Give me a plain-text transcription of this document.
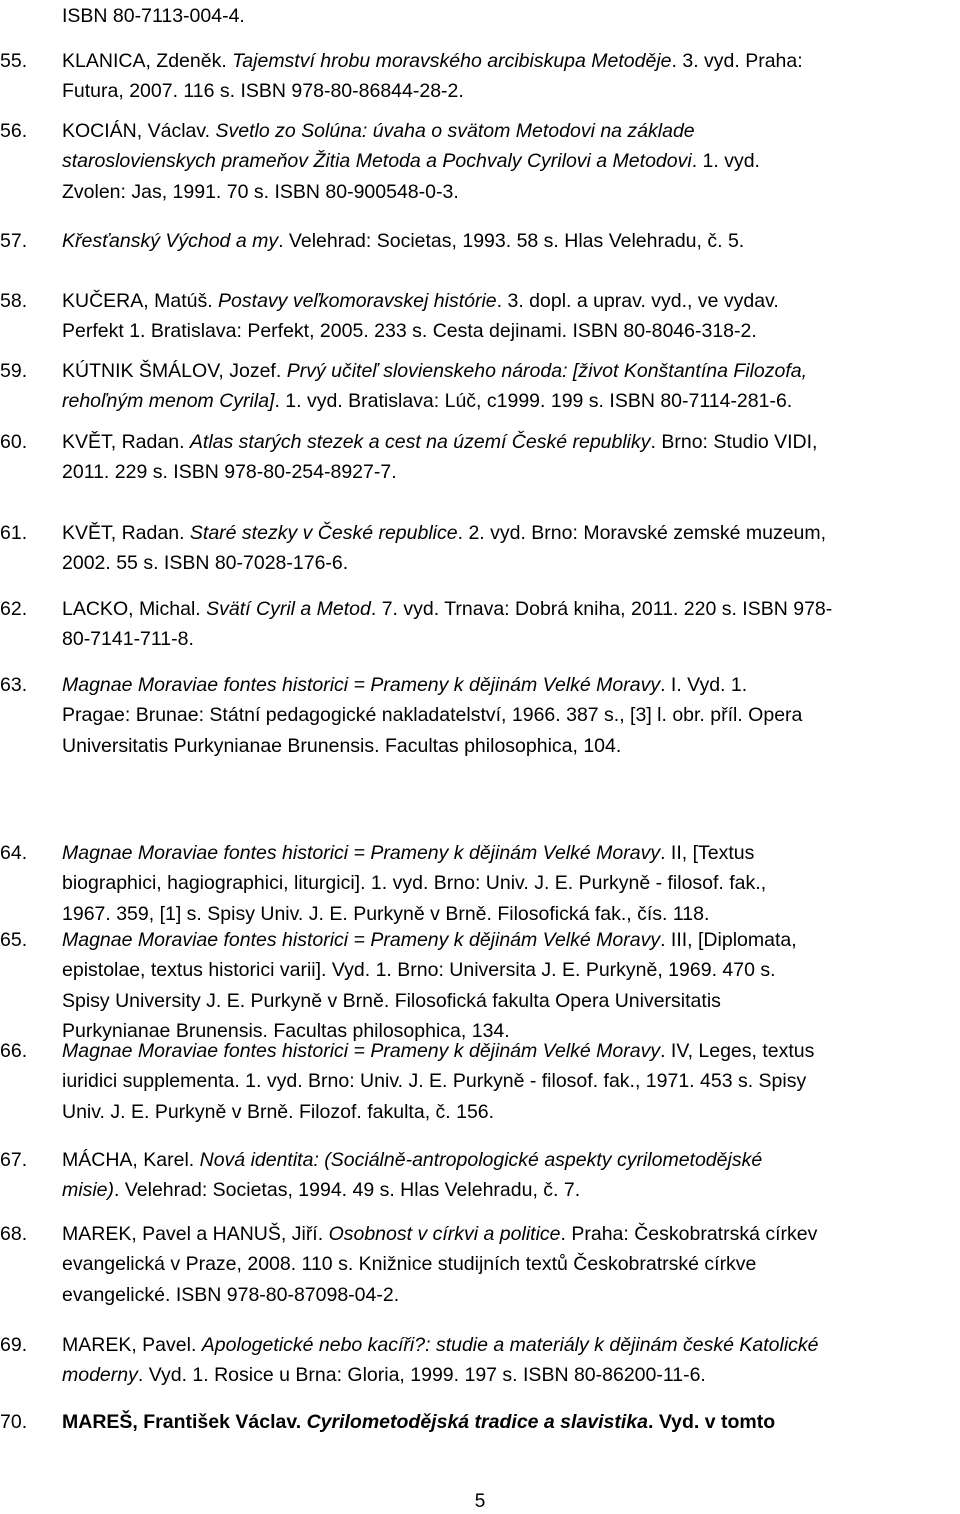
ISBN 80-7113-004-4.
55. KLANICA, Zdeněk. Tajemství hrobu moravského arcibiskupa Metoděje. 3. vyd. Praha:
Futura, 2007. 116 s. ISBN 978-80-86844-28-2.
56. KOCIÁN, Václav. Svetlo zo Solúna: úvaha o svätom Metodovi na základe
staroslovienskych prameňov Žitia Metoda a Pochvaly Cyrilovi a Metodovi. 1. vyd.
Zvolen: Jas, 1991. 70 s. ISBN 80-900548-0-3.
57. Křesťanský Východ a my. Velehrad: Societas, 1993. 58 s. Hlas Velehradu, č. 5.
58. KUČERA, Matúš. Postavy veľkomoravskej histórie. 3. dopl. a uprav. vyd., ve vydav.
Perfekt 1. Bratislava: Perfekt, 2005. 233 s. Cesta dejinami. ISBN 80-8046-318-2.
59. KÚTNIK ŠMÁLOV, Jozef. Prvý učiteľ slovienskeho národa: [život Konštantína Filozofa,
rehoľným menom Cyrila]. 1. vyd. Bratislava: Lúč, c1999. 199 s. ISBN 80-7114-281-6.
60. KVĚT, Radan. Atlas starých stezek a cest na území České republiky. Brno: Studio VIDI,
2011. 229 s. ISBN 978-80-254-8927-7.
61. KVĚT, Radan. Staré stezky v České republice. 2. vyd. Brno: Moravské zemské muzeum,
2002. 55 s. ISBN 80-7028-176-6.
62. LACKO, Michal. Svätí Cyril a Metod. 7. vyd. Trnava: Dobrá kniha, 2011. 220 s. ISBN 978-
80-7141-711-8.
63. Magnae Moraviae fontes historici = Prameny k dějinám Velké Moravy. I. Vyd. 1.
Pragae: Brunae: Státní pedagogické nakladatelství, 1966. 387 s., [3] l. obr. příl. Opera
Universitatis Purkynianae Brunensis. Facultas philosophica, 104.
64. Magnae Moraviae fontes historici = Prameny k dějinám Velké Moravy. II, [Textus
biographici, hagiographici, liturgici]. 1. vyd. Brno: Univ. J. E. Purkyně - filosof. fak.,
1967. 359, [1] s. Spisy Univ. J. E. Purkyně v Brně. Filosofická fak., čís. 118.
65. Magnae Moraviae fontes historici = Prameny k dějinám Velké Moravy. III, [Diplomata,
epistolae, textus historici varii]. Vyd. 1. Brno: Universita J. E. Purkyně, 1969. 470 s.
Spisy University J. E. Purkyně v Brně. Filosofická fakulta Opera Universitatis
Purkynianae Brunensis. Facultas philosophica, 134.
66. Magnae Moraviae fontes historici = Prameny k dějinám Velké Moravy. IV, Leges, textus
iuridici supplementa. 1. vyd. Brno: Univ. J. E. Purkyně - filosof. fak., 1971. 453 s. Spisy
Univ. J. E. Purkyně v Brně. Filozof. fakulta, č. 156.
67. MÁCHA, Karel. Nová identita: (Sociálně-antropologické aspekty cyrilometodějské
misie). Velehrad: Societas, 1994. 49 s. Hlas Velehradu, č. 7.
68. MAREK, Pavel a HANUŠ, Jiří. Osobnost v církvi a politice. Praha: Českobratrská církev
evangelická v Praze, 2008. 110 s. Knižnice studijních textů Českobratrské církve
evangelické. ISBN 978-80-87098-04-2.
69. MAREK, Pavel. Apologetické nebo kacíři?: studie a materiály k dějinám české Katolické
moderny. Vyd. 1. Rosice u Brna: Gloria, 1999. 197 s. ISBN 80-86200-11-6.
70. MAREŠ, František Václav. Cyrilometodějská tradice a slavistika. Vyd. v tomto
5
